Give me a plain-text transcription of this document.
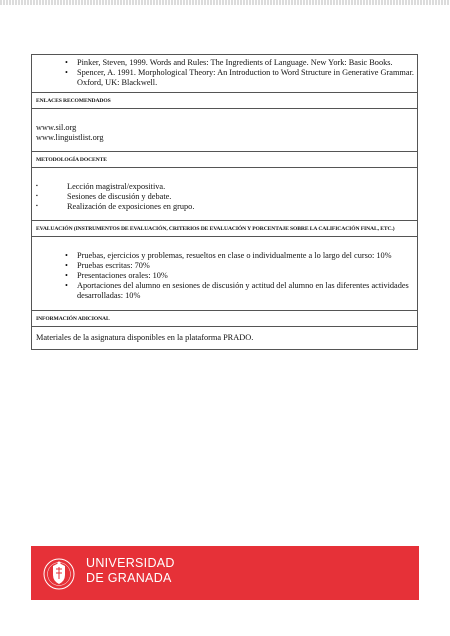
• Pinker, Steven, 1999. Words and Rules: The Ingredients of Language. New York: Basic Books.
• Spencer, A. 1991. Morphological Theory: An Introduction to Word Structure in Generative Grammar. Oxford, UK: Blackwell.
ENLACES RECOMENDADOS
www.sil.org
www.linguistlist.org
METODOLOGÍA DOCENTE
▪ Lección magistral/expositiva.
▪ Sesiones de discusión y debate.
▪ Realización de exposiciones en grupo.
EVALUACIÓN (INSTRUMENTOS DE EVALUACIÓN, CRITERIOS DE EVALUACIÓN Y PORCENTAJE SOBRE LA CALIFICACIÓN FINAL, ETC.)
• Pruebas, ejercicios y problemas, resueltos en clase o individualmente a lo largo del curso: 10%
• Pruebas escritas: 70%
• Presentaciones orales: 10%
• Aportaciones del alumno en sesiones de discusión y actitud del alumno en las diferentes actividades desarrolladas: 10%
INFORMACIÓN ADICIONAL
Materiales de la asignatura disponibles en la plataforma PRADO.
UNIVERSIDAD
DE GRANADA
